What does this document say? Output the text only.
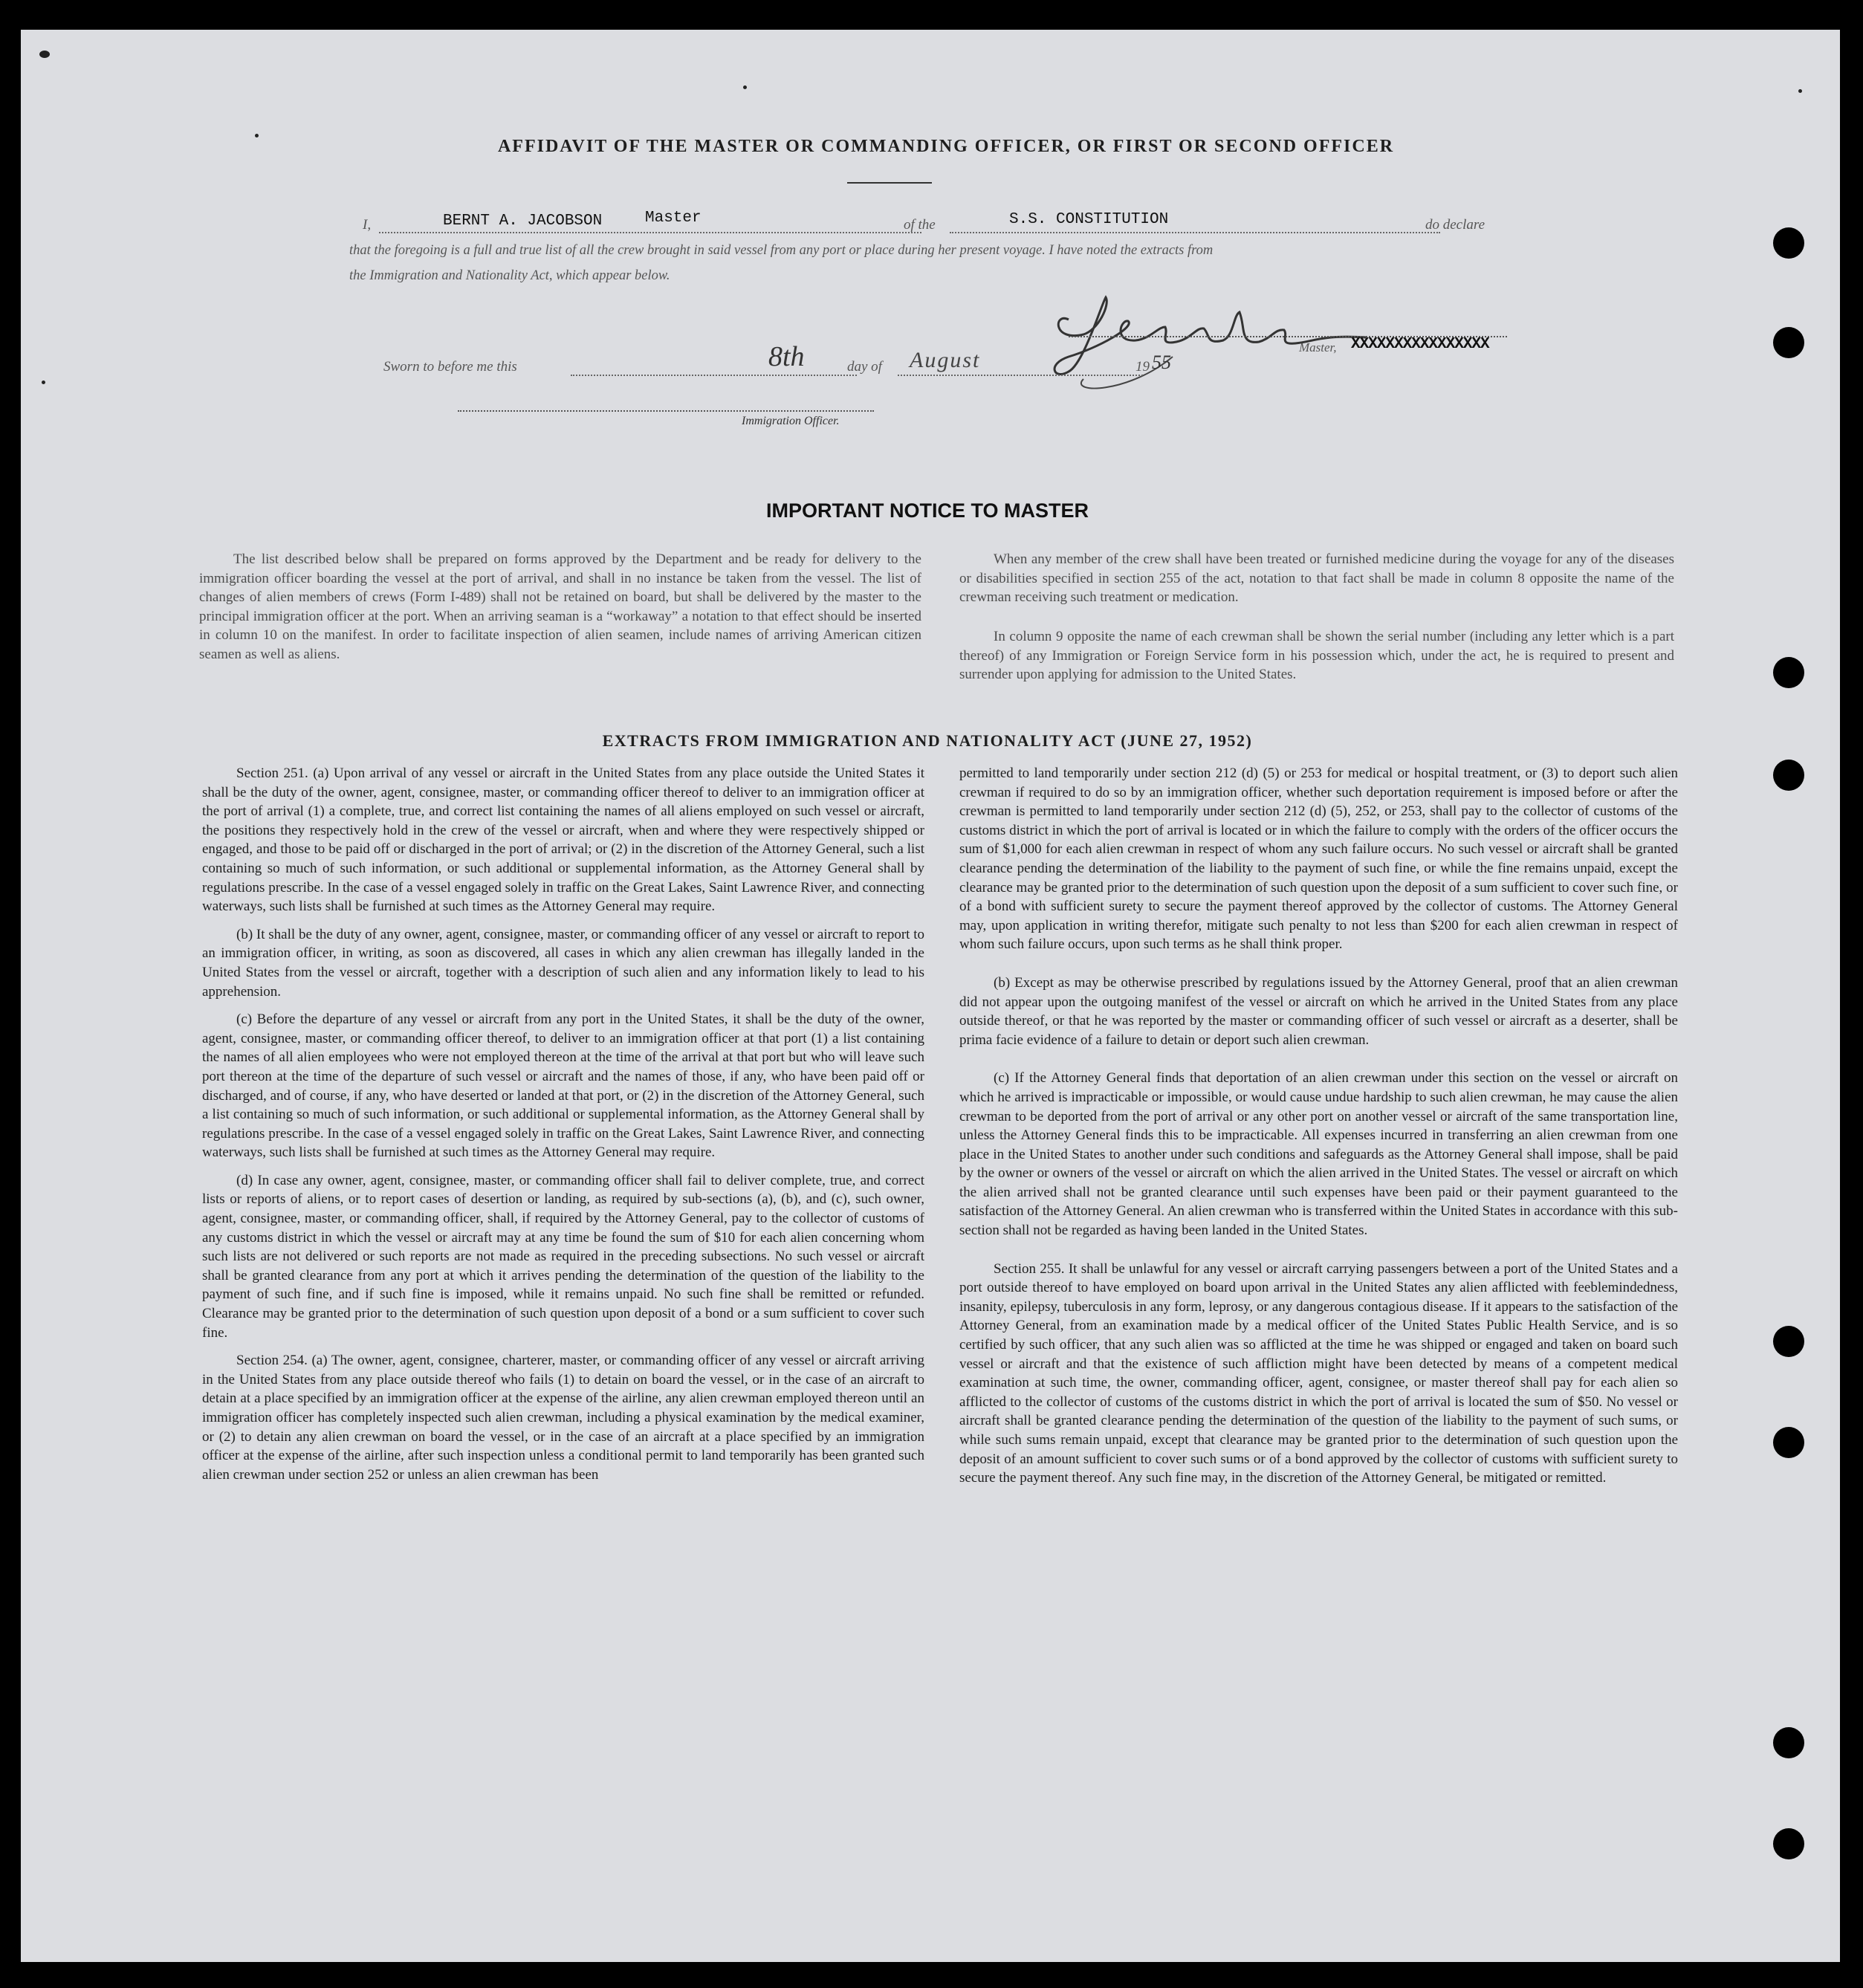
AFFIDAVIT OF THE MASTER OR COMMANDING OFFICER, OR FIRST OR SECOND OFFICER
I,	BERNT A. JACOBSON	Master	of the	S.S. CONSTITUTION	do declare
that the foregoing is a full and true list of all the crew brought in said vessel from any port or place during her present voyage. I have noted the extracts from
the Immigration and Nationality Act, which appear below.
Master, XXXXXXXXXXXXXXXX
Sworn to before me this	8th	day of August	19 55
Immigration Officer.
IMPORTANT NOTICE TO MASTER
The list described below shall be prepared on forms approved by the Department and be ready for delivery to the immigration officer boarding the vessel at the port of arrival, and shall in no instance be taken from the vessel. The list of changes of alien members of crews (Form I-489) shall not be retained on board, but shall be delivered by the master to the principal immigration officer at the port. When an arriving seaman is a “workaway” a notation to that effect should be inserted in column 10 on the manifest. In order to facilitate inspection of alien seamen, include names of arriving American citizen seamen as well as aliens.
When any member of the crew shall have been treated or furnished medicine during the voyage for any of the diseases or disabilities specified in section 255 of the act, notation to that fact shall be made in column 8 opposite the name of the crewman receiving such treatment or medication.
In column 9 opposite the name of each crewman shall be shown the serial number (including any letter which is a part thereof) of any Immigration or Foreign Service form in his possession which, under the act, he is required to present and surrender upon applying for admission to the United States.
EXTRACTS FROM IMMIGRATION AND NATIONALITY ACT (JUNE 27, 1952)

Section 251. (a) Upon arrival of any vessel or aircraft in the United States from any place outside the United States it shall be the duty of the owner, agent, consignee, master, or commanding officer thereof to deliver to an immigration officer at the port of arrival (1) a complete, true, and correct list containing the names of all aliens employed on such vessel or aircraft, the positions they respectively hold in the crew of the vessel or aircraft, when and where they were respectively shipped or engaged, and those to be paid off or discharged in the port of arrival; or (2) in the discretion of the Attorney General, such a list containing so much of such information, or such additional or supplemental information, as the Attorney General shall by regulations prescribe. In the case of a vessel engaged solely in traffic on the Great Lakes, Saint Lawrence River, and connecting waterways, such lists shall be furnished at such times as the Attorney General may require.

(b) It shall be the duty of any owner, agent, consignee, master, or commanding officer of any vessel or aircraft to report to an immigration officer, in writing, as soon as discovered, all cases in which any alien crewman has illegally landed in the United States from the vessel or aircraft, together with a description of such alien and any information likely to lead to his apprehension.

(c) Before the departure of any vessel or aircraft from any port in the United States, it shall be the duty of the owner, agent, consignee, master, or commanding officer thereof, to deliver to an immigration officer at that port (1) a list containing the names of all alien employees who were not employed thereon at the time of the arrival at that port but who will leave such port thereon at the time of the departure of such vessel or aircraft and the names of those, if any, who have been paid off or discharged, and of course, if any, who have deserted or landed at that port, or (2) in the discretion of the Attorney General, such a list containing so much of such information, or such additional or supplemental information, as the Attorney General shall by regulations prescribe. In the case of a vessel engaged solely in traffic on the Great Lakes, Saint Lawrence River, and connecting waterways, such lists shall be furnished at such times as the Attorney General may require.

(d) In case any owner, agent, consignee, master, or commanding officer shall fail to deliver complete, true, and correct lists or reports of aliens, or to report cases of desertion or landing, as required by sub-sections (a), (b), and (c), such owner, agent, consignee, master, or commanding officer, shall, if required by the Attorney General, pay to the collector of customs of any customs district in which the vessel or aircraft may at any time be found the sum of $10 for each alien concerning whom such lists are not delivered or such reports are not made as required in the preceding subsections. No such vessel or aircraft shall be granted clearance from any port at which it arrives pending the determination of the question of the liability to the payment of such fine, and if such fine is imposed, while it remains unpaid. No such fine shall be remitted or refunded. Clearance may be granted prior to the determination of such question upon deposit of a bond or a sum sufficient to cover such fine.

Section 254. (a) The owner, agent, consignee, charterer, master, or commanding officer of any vessel or aircraft arriving in the United States from any place outside thereof who fails (1) to detain on board the vessel, or in the case of an aircraft to detain at a place specified by an immigration officer at the expense of the airline, any alien crewman employed thereon until an immigration officer has completely inspected such alien crewman, including a physical examination by the medical examiner, or (2) to detain any alien crewman on board the vessel, or in the case of an aircraft at a place specified by an immigration officer at the expense of the airline, after such inspection unless a conditional permit to land temporarily has been granted such alien crewman under section 252 or unless an alien crewman has been

permitted to land temporarily under section 212 (d) (5) or 253 for medical or hospital treatment, or (3) to deport such alien crewman if required to do so by an immigration officer, whether such deportation requirement is imposed before or after the crewman is permitted to land temporarily under section 212 (d) (5), 252, or 253, shall pay to the collector of customs of the customs district in which the port of arrival is located or in which the failure to comply with the orders of the officer occurs the sum of $1,000 for each alien crewman in respect of whom any such failure occurs. No such vessel or aircraft shall be granted clearance pending the determination of the liability to the payment of such fine, or while the fine remains unpaid, except the clearance may be granted prior to the determination of such question upon the deposit of a sum sufficient to cover such fine, or of a bond with sufficient surety to secure the payment thereof approved by the collector of customs. The Attorney General may, upon application in writing therefor, mitigate such penalty to not less than $200 for each alien crewman in respect of whom such failure occurs, upon such terms as he shall think proper.

(b) Except as may be otherwise prescribed by regulations issued by the Attorney General, proof that an alien crewman did not appear upon the outgoing manifest of the vessel or aircraft on which he arrived in the United States from any place outside thereof, or that he was reported by the master or commanding officer of such vessel or aircraft as a deserter, shall be prima facie evidence of a failure to detain or deport such alien crewman.

(c) If the Attorney General finds that deportation of an alien crewman under this section on the vessel or aircraft on which he arrived is impracticable or impossible, or would cause undue hardship to such alien crewman, he may cause the alien crewman to be deported from the port of arrival or any other port on another vessel or aircraft of the same transportation line, unless the Attorney General finds this to be impracticable. All expenses incurred in transferring an alien crewman from one place in the United States to another under such conditions and safeguards as the Attorney General shall impose, shall be paid by the owner or owners of the vessel or aircraft on which the alien arrived in the United States. The vessel or aircraft on which the alien arrived shall not be granted clearance until such expenses have been paid or their payment guaranteed to the satisfaction of the Attorney General. An alien crewman who is transferred within the United States in accordance with this sub-section shall not be regarded as having been landed in the United States.

Section 255. It shall be unlawful for any vessel or aircraft carrying passengers between a port of the United States and a port outside thereof to have employed on board upon arrival in the United States any alien afflicted with feeblemindedness, insanity, epilepsy, tuberculosis in any form, leprosy, or any dangerous contagious disease. If it appears to the satisfaction of the Attorney General, from an examination made by a medical officer of the United States Public Health Service, and is so certified by such officer, that any such alien was so afflicted at the time he was shipped or engaged and taken on board such vessel or aircraft and that the existence of such affliction might have been detected by means of a competent medical examination at such time, the owner, commanding officer, agent, consignee, or master thereof shall pay for each alien so afflicted to the collector of customs of the customs district in which the port of arrival is located the sum of $50. No vessel or aircraft shall be granted clearance pending the determination of the question of the liability to the payment of such sums, or while such sums remain unpaid, except that clearance may be granted prior to the determination of such question upon the deposit of an amount sufficient to cover such sums or of a bond approved by the collector of customs with sufficient surety to secure the payment thereof. Any such fine may, in the discretion of the Attorney General, be mitigated or remitted.
